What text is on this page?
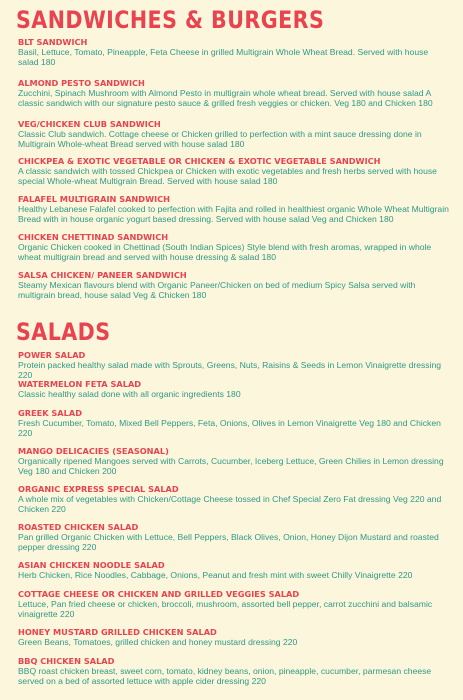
SANDWICHES & BURGERS
BLT SANDWICH
Basil, Lettuce, Tomato, Pineapple, Feta Cheese in grilled Multigrain Whole Wheat Bread. Served with house salad 180
ALMOND PESTO SANDWICH
Zucchini, Spinach Mushroom with Almond Pesto in multigrain whole wheat bread. Served with house salad A classic sandwich with our signature pesto sauce & grilled fresh veggies or chicken. Veg 180 and Chicken 180
VEG/CHICKEN CLUB SANDWICH
Classic Club sandwich. Cottage cheese or Chicken grilled to perfection with a mint sauce dressing done in Multigrain Whole-wheat Bread served with house salad 180
CHICKPEA & EXOTIC VEGETABLE OR CHICKEN & EXOTIC VEGETABLE SANDWICH
A classic sandwich with tossed Chickpea or Chicken with exotic vegetables and fresh herbs served with house special Whole-wheat Multigrain Bread. Served with house salad 180
FALAFEL MULTIGRAIN SANDWICH
Healthy Lebanese Falafel cooked to perfection with Fajita and rolled in healthiest organic Whole Wheat Multigrain Bread with in house organic yogurt based dressing. Served with house salad Veg and Chicken 180
CHICKEN CHETTINAD SANDWICH
Organic Chicken cooked in Chettinad (South Indian Spices) Style blend with fresh aromas, wrapped in whole wheat multigrain bread and served with house dressing & salad 180
SALSA CHICKEN/ PANEER SANDWICH
Steamy Mexican flavours blend with Organic Paneer/Chicken on bed of medium Spicy Salsa served with multigrain bread, house salad Veg & Chicken 180
SALADS
POWER SALAD
Protein packed healthy salad made with Sprouts, Greens, Nuts, Raisins & Seeds in Lemon Vinaigrette dressing 220
WATERMELON FETA SALAD
Classic healthy salad done with all organic ingredients 180
GREEK SALAD
Fresh Cucumber, Tomato, Mixed Bell Peppers, Feta, Onions, Olives in Lemon Vinaigrette Veg 180 and Chicken 220
MANGO DELICACIES (SEASONAL)
Organically ripened Mangoes served with Carrots, Cucumber, Iceberg Lettuce, Green Chilies in Lemon dressing Veg 180 and Chicken 200
ORGANIC EXPRESS SPECIAL SALAD
A whole mix of vegetables with Chicken/Cottage Cheese tossed in Chef Special Zero Fat dressing Veg 220 and Chicken 220
ROASTED CHICKEN SALAD
Pan grilled Organic Chicken with Lettuce, Bell Peppers, Black Olives, Onion, Honey Dijon Mustard and roasted pepper dressing 220
ASIAN CHICKEN NOODLE SALAD
Herb Chicken, Rice Noodles, Cabbage, Onions, Peanut and fresh mint with sweet Chilly Vinaigrette 220
COTTAGE CHEESE OR CHICKEN AND GRILLED VEGGIES SALAD
Lettuce, Pan fried cheese or chicken, broccoli, mushroom, assorted bell pepper, carrot zucchini and balsamic vinaigrette 220
HONEY MUSTARD GRILLED CHICKEN SALAD
Green Beans, Tomatoes, grilled chicken and honey mustard dressing 220
BBQ CHICKEN SALAD
BBQ roast chicken breast, sweet corn, tomato, kidney beans, onion, pineapple, cucumber, parmesan cheese served on a bed of assorted lettuce with apple cider dressing 220
